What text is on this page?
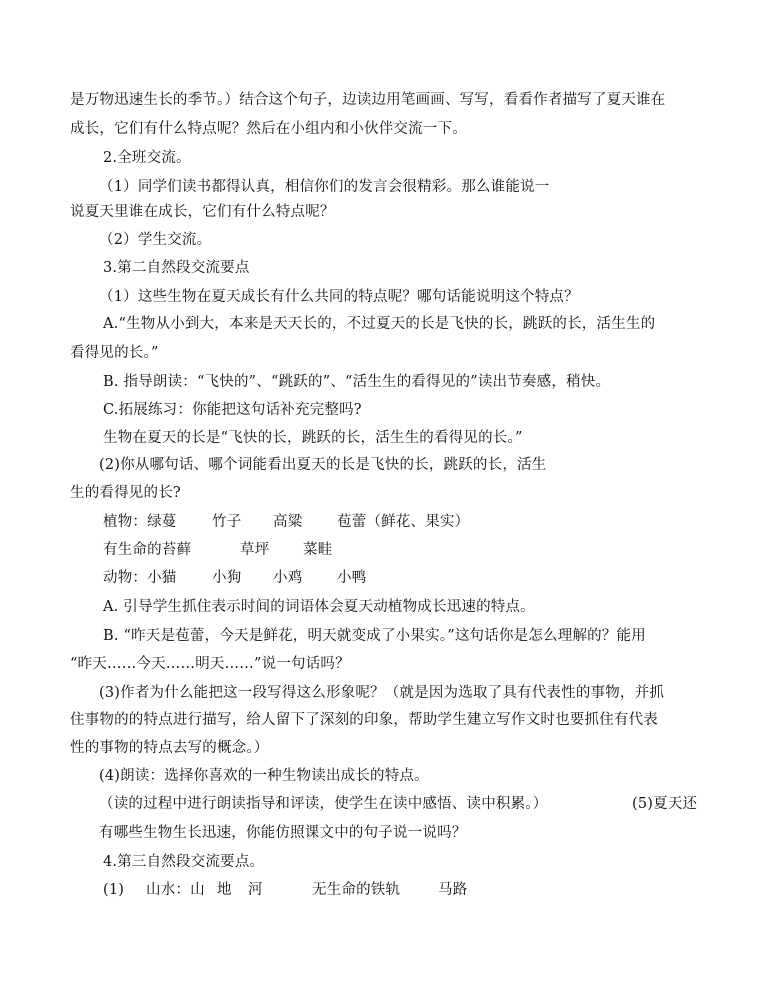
是万物迅速生长的季节。）结合这个句子，边读边用笔画画、写写，看看作者描写了夏天谁在
成长，它们有什么特点呢？然后在小组内和小伙伴交流一下。
2.全班交流。
（1）同学们读书都得认真，相信你们的发言会很精彩。那么谁能说一
说夏天里谁在成长，它们有什么特点呢？
（2）学生交流。
3.第二自然段交流要点
（1）这些生物在夏天成长有什么共同的特点呢？哪句话能说明这个特点？
A.“生物从小到大，本来是天天长的，不过夏天的长是飞快的长，跳跃的长，活生生的
看得见的长。”
B. 指导朗读：“飞快的”、“跳跃的”、“活生生的看得见的”读出节奏感，稍快。
C.拓展练习：你能把这句话补充完整吗?
生物在夏天的长是“飞快的长，跳跃的长，活生生的看得见的长。”
(2)你从哪句话、哪个词能看出夏天的长是飞快的长，跳跃的长，活生
生的看得见的长?
植物：绿蔓 竹子 高粱 苞蕾（鲜花、果实）
有生命的苔藓	草坪 菜畦
动物：小猫 小狗 小鸡 小鸭
A. 引导学生抓住表示时间的词语体会夏天动植物成长迅速的特点。
B. “昨天是苞蕾，今天是鲜花，明天就变成了小果实。”这句话你是怎么理解的？能用
“昨天……今天……明天……”说一句话吗？
(3)作者为什么能把这一段写得这么形象呢？（就是因为选取了具有代表性的事物，并抓
住事物的的特点进行描写，给人留下了深刻的印象，帮助学生建立写作文时也要抓住有代表
性的事物的特点去写的概念。）
(4)朗读：选择你喜欢的一种生物读出成长的特点。
（读的过程中进行朗读指导和评读，使学生在读中感悟、读中积累。）	(5)夏天还
有哪些生物生长迅速，你能仿照课文中的句子说一说吗？
4.第三自然段交流要点。
(1) 山水：山 地 河	无生命的铁轨	马路
